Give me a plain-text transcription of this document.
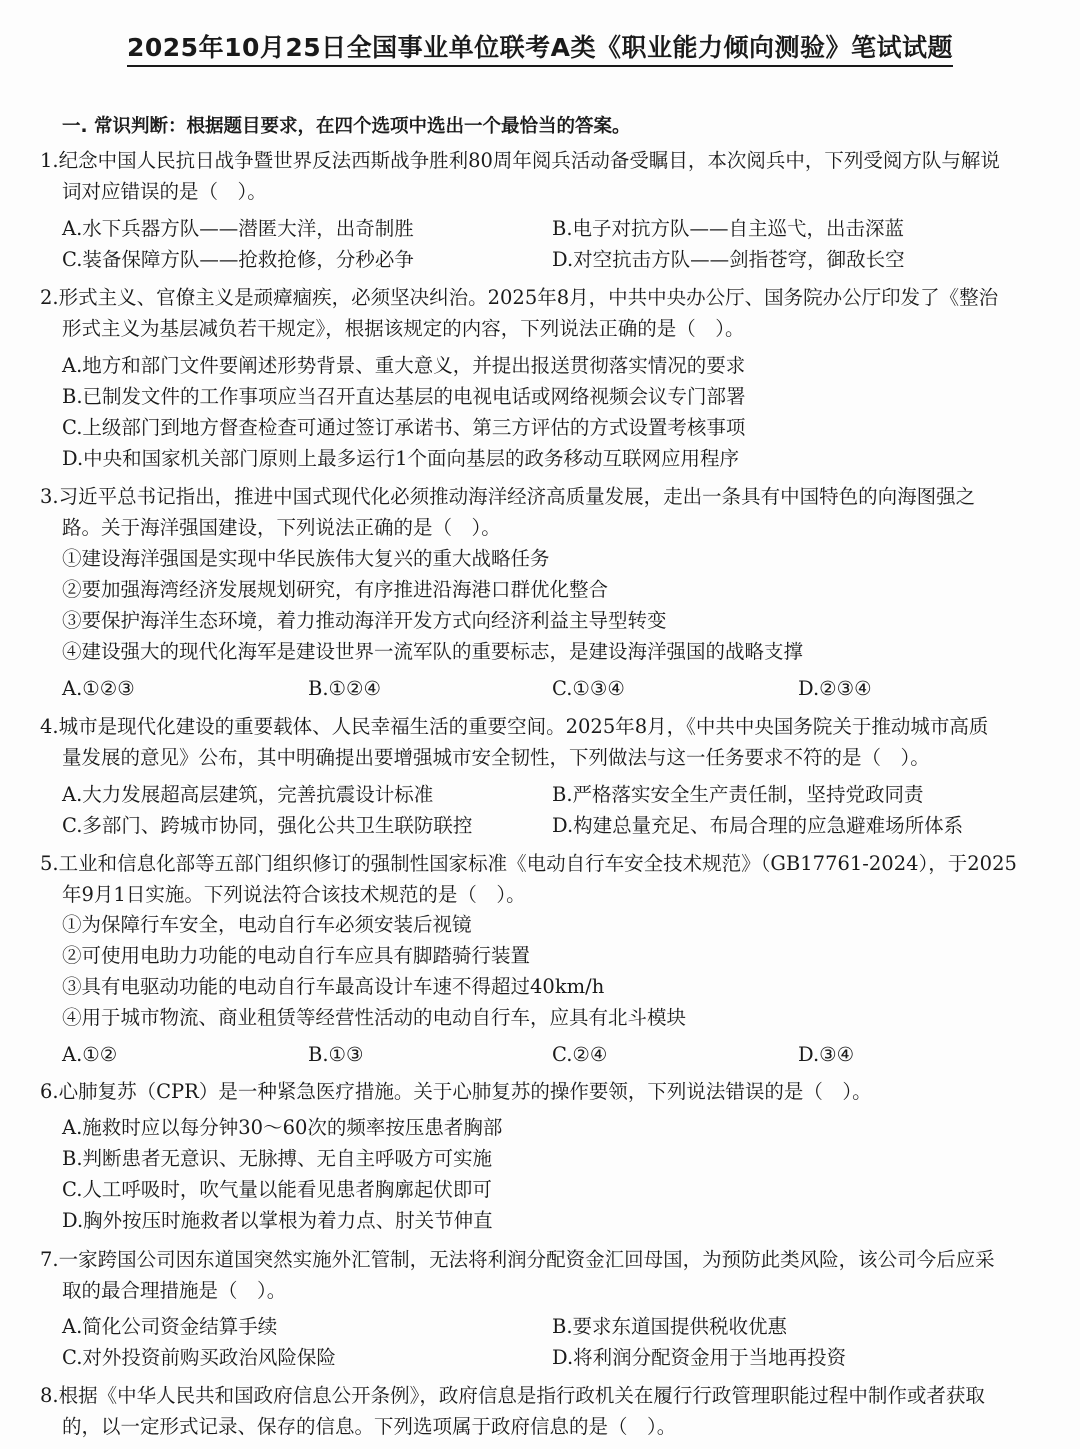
2025年10月25日全国事业单位联考A类《职业能力倾向测验》笔试试题
一. 常识判断：根据题目要求，在四个选项中选出一个最恰当的答案。
1.纪念中国人民抗日战争暨世界反法西斯战争胜利80周年阅兵活动备受瞩目，本次阅兵中，下列受阅方队与解说
词对应错误的是（　）。
A.水下兵器方队——潜匿大洋，出奇制胜	B.电子对抗方队——自主巡弋，出击深蓝
C.装备保障方队——抢救抢修，分秒必争	D.对空抗击方队——剑指苍穹，御敌长空
2.形式主义、官僚主义是顽瘴痼疾，必须坚决纠治。2025年8月，中共中央办公厅、国务院办公厅印发了《整治
形式主义为基层减负若干规定》，根据该规定的内容，下列说法正确的是（　）。
A.地方和部门文件要阐述形势背景、重大意义，并提出报送贯彻落实情况的要求
B.已制发文件的工作事项应当召开直达基层的电视电话或网络视频会议专门部署
C.上级部门到地方督查检查可通过签订承诺书、第三方评估的方式设置考核事项
D.中央和国家机关部门原则上最多运行1个面向基层的政务移动互联网应用程序
3.习近平总书记指出，推进中国式现代化必须推动海洋经济高质量发展，走出一条具有中国特色的向海图强之
路。关于海洋强国建设，下列说法正确的是（　）。
①建设海洋强国是实现中华民族伟大复兴的重大战略任务
②要加强海湾经济发展规划研究，有序推进沿海港口群优化整合
③要保护海洋生态环境，着力推动海洋开发方式向经济利益主导型转变
④建设强大的现代化海军是建设世界一流军队的重要标志，是建设海洋强国的战略支撑
A.①②③	B.①②④	C.①③④	D.②③④
4.城市是现代化建设的重要载体、人民幸福生活的重要空间。2025年8月，《中共中央国务院关于推动城市高质
量发展的意见》公布，其中明确提出要增强城市安全韧性，下列做法与这一任务要求不符的是（　）。
A.大力发展超高层建筑，完善抗震设计标准	B.严格落实安全生产责任制，坚持党政同责
C.多部门、跨城市协同，强化公共卫生联防联控	D.构建总量充足、布局合理的应急避难场所体系
5.工业和信息化部等五部门组织修订的强制性国家标准《电动自行车安全技术规范》（GB17761-2024），于2025
年9月1日实施。下列说法符合该技术规范的是（　）。
①为保障行车安全，电动自行车必须安装后视镜
②可使用电助力功能的电动自行车应具有脚踏骑行装置
③具有电驱动功能的电动自行车最高设计车速不得超过40km/h
④用于城市物流、商业租赁等经营性活动的电动自行车，应具有北斗模块
A.①②	B.①③	C.②④	D.③④
6.心肺复苏（CPR）是一种紧急医疗措施。关于心肺复苏的操作要领，下列说法错误的是（　）。
A.施救时应以每分钟30～60次的频率按压患者胸部
B.判断患者无意识、无脉搏、无自主呼吸方可实施
C.人工呼吸时，吹气量以能看见患者胸廓起伏即可
D.胸外按压时施救者以掌根为着力点、肘关节伸直
7.一家跨国公司因东道国突然实施外汇管制，无法将利润分配资金汇回母国，为预防此类风险，该公司今后应采
取的最合理措施是（　）。
A.简化公司资金结算手续	B.要求东道国提供税收优惠
C.对外投资前购买政治风险保险	D.将利润分配资金用于当地再投资
8.根据《中华人民共和国政府信息公开条例》，政府信息是指行政机关在履行行政管理职能过程中制作或者获取
的，以一定形式记录、保存的信息。下列选项属于政府信息的是（　）。
